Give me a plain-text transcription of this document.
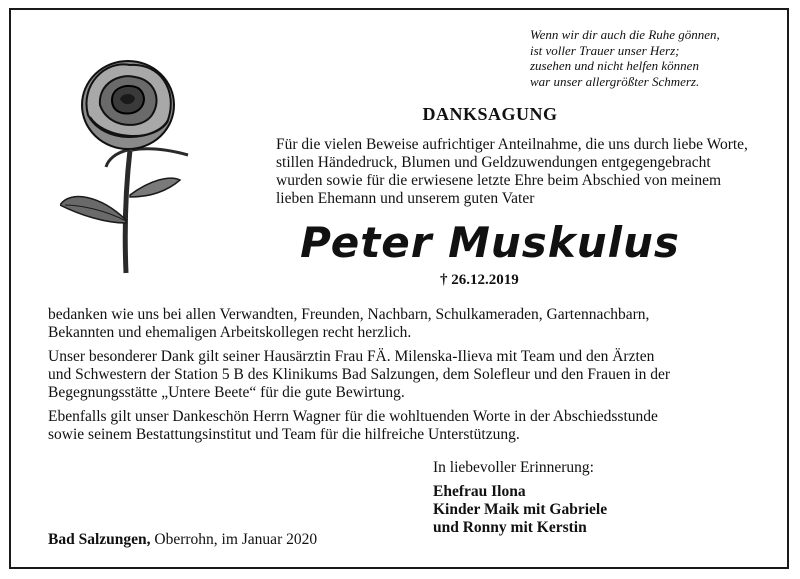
Wenn wir dir auch die Ruhe gönnen,
ist voller Trauer unser Herz;
zusehen und nicht helfen können
war unser allergrößter Schmerz.
DANKSAGUNG
Für die vielen Beweise aufrichtiger Anteilnahme, die uns durch liebe Worte,
stillen Händedruck, Blumen und Geldzuwendungen entgegengebracht
wurden sowie für die erwiesene letzte Ehre beim Abschied von meinem
lieben Ehemann und unserem guten Vater
Peter Muskulus
† 26.12.2019
bedanken wie uns bei allen Verwandten, Freunden, Nachbarn, Schulkameraden, Gartennachbarn,
Bekannten und ehemaligen Arbeitskollegen recht herzlich.
Unser besonderer Dank gilt seiner Hausärztin Frau FÄ. Milenska-Ilieva mit Team und den Ärzten
und Schwestern der Station 5 B des Klinikums Bad Salzungen, dem Solefleur und den Frauen in der
Begegnungsstätte „Untere Beete“ für die gute Bewirtung.
Ebenfalls gilt unser Dankeschön Herrn Wagner für die wohltuenden Worte in der Abschiedsstunde
sowie seinem Bestattungsinstitut und Team für die hilfreiche Unterstützung.
In liebevoller Erinnerung:
Ehefrau Ilona
Kinder Maik mit Gabriele
und Ronny mit Kerstin
Bad Salzungen, Oberrohn, im Januar 2020
